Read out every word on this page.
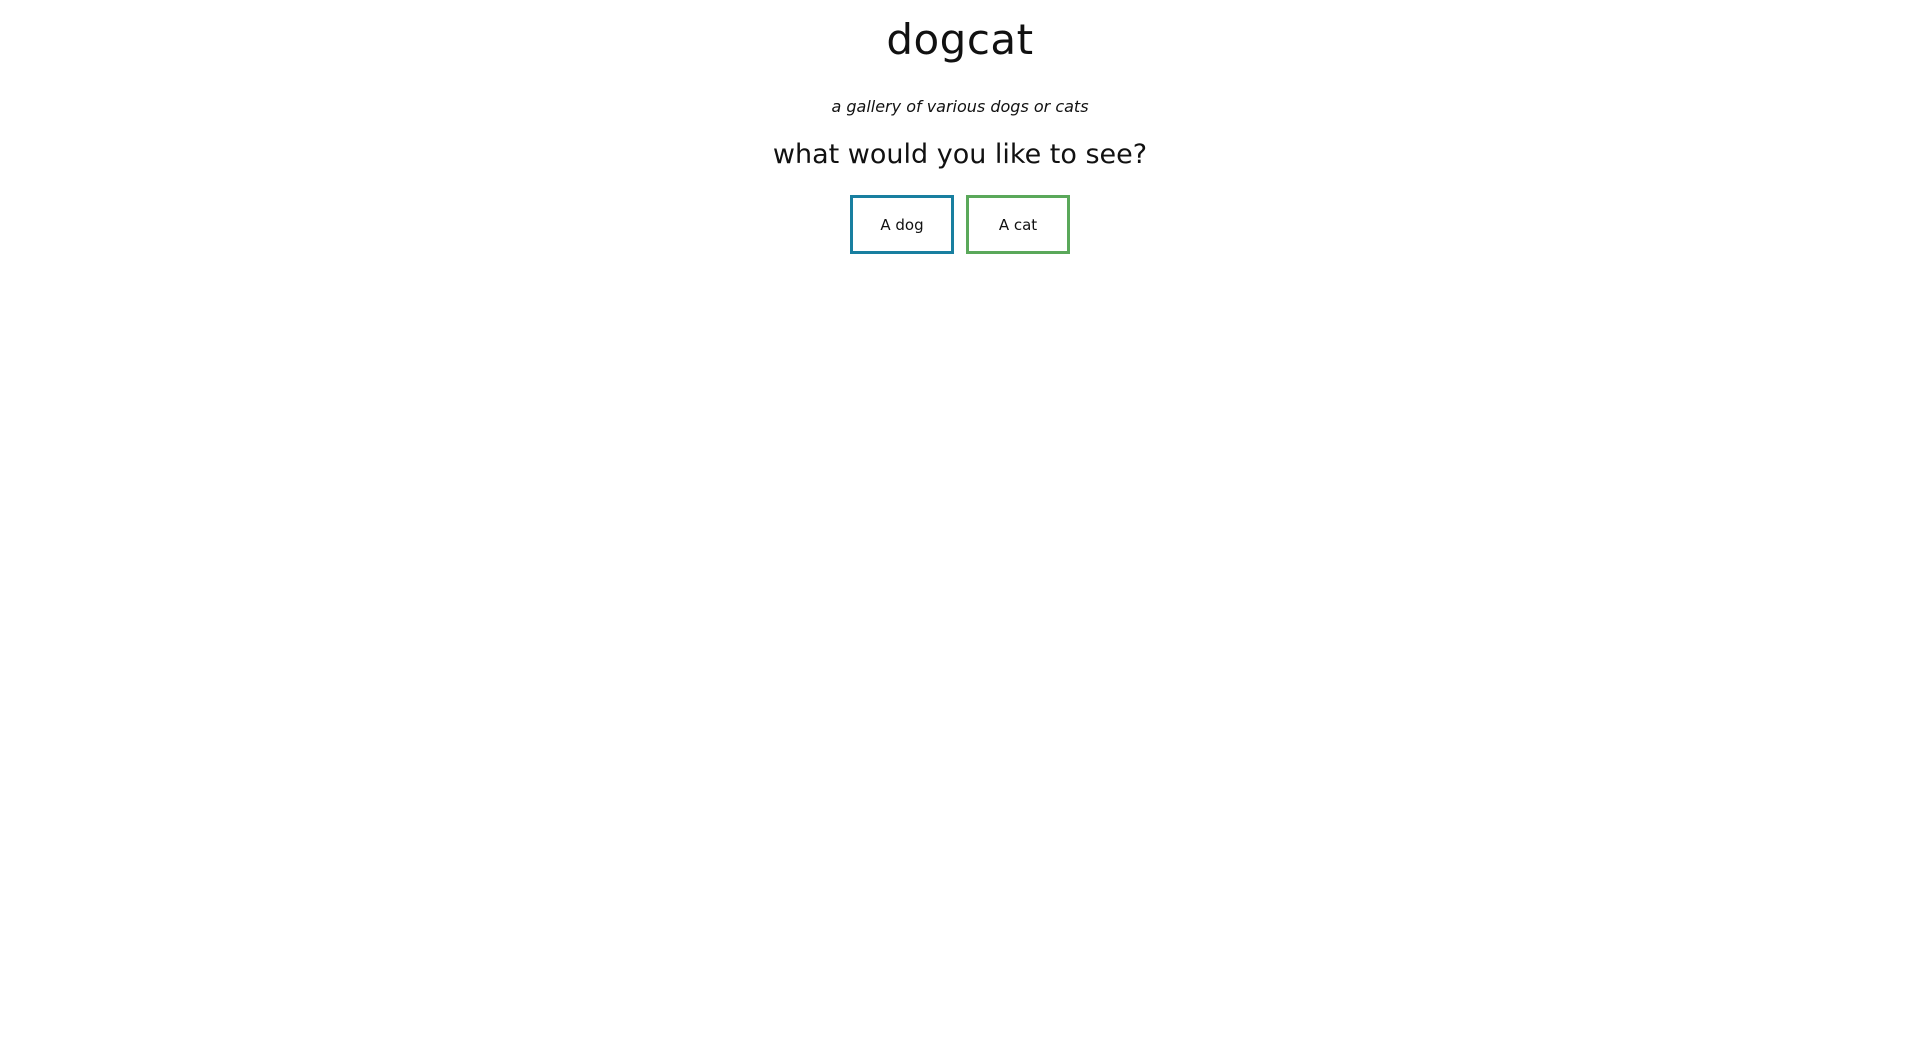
dogcat
a gallery of various dogs or cats
what would you like to see?
A dog	A cat
